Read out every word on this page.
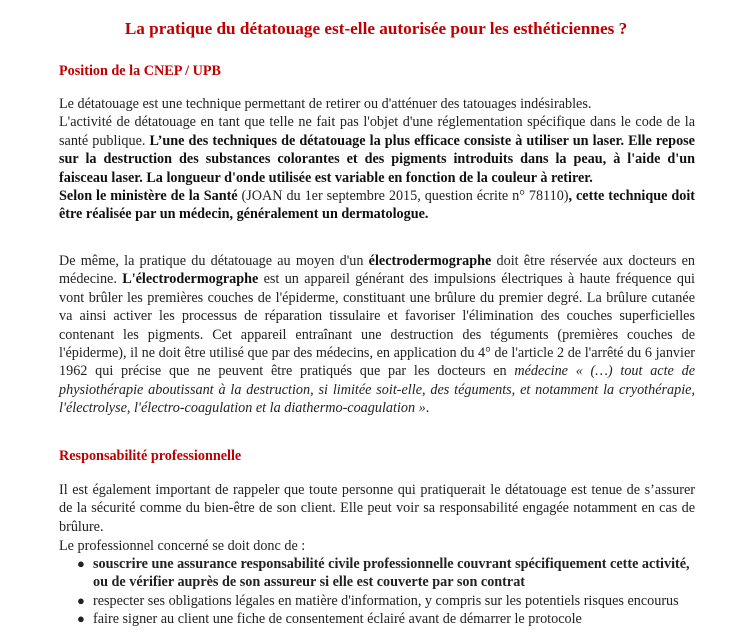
La pratique du détatouage est-elle autorisée pour les esthéticiennes ?
Position de la CNEP / UPB

Le détatouage est une technique permettant de retirer ou d'atténuer des tatouages indésirables.
L'activité de détatouage en tant que telle ne fait pas l'objet d'une réglementation spécifique dans le code de la santé publique. L’une des techniques de détatouage la plus efficace consiste à utiliser un laser. Elle repose sur la destruction des substances colorantes et des pigments introduits dans la peau, à l'aide d'un faisceau laser. La longueur d'onde utilisée est variable en fonction de la couleur à retirer.
Selon le ministère de la Santé (JOAN du 1er septembre 2015, question écrite n° 78110), cette technique doit être réalisée par un médecin, généralement un dermatologue.

De même, la pratique du détatouage au moyen d'un électrodermographe doit être réservée aux docteurs en médecine. L'électrodermographe est un appareil générant des impulsions électriques à haute fréquence qui vont brûler les premières couches de l'épiderme, constituant une brûlure du premier degré. La brûlure cutanée va ainsi activer les processus de réparation tissulaire et favoriser l'élimination des couches superficielles contenant les pigments. Cet appareil entraînant une destruction des téguments (premières couches de l'épiderme), il ne doit être utilisé que par des médecins, en application du 4° de l'article 2 de l'arrêté du 6 janvier 1962 qui précise que ne peuvent être pratiqués que par les docteurs en médecine « (…) tout acte de physiothérapie aboutissant à la destruction, si limitée soit-elle, des téguments, et notamment la cryothérapie, l'électrolyse, l'électro-coagulation et la diathermo-coagulation ».

Responsabilité professionnelle

Il est également important de rappeler que toute personne qui pratiquerait le détatouage est tenue de s’assurer de la sécurité comme du bien-être de son client. Elle peut voir sa responsabilité engagée notamment en cas de brûlure.

Le professionnel concerné se doit donc de :

● souscrire une assurance responsabilité civile professionnelle couvrant spécifiquement cette activité, ou de vérifier auprès de son assureur si elle est couverte par son contrat
● respecter ses obligations légales en matière d'information, y compris sur les potentiels risques encourus
● faire signer au client une fiche de consentement éclairé avant de démarrer le protocole
